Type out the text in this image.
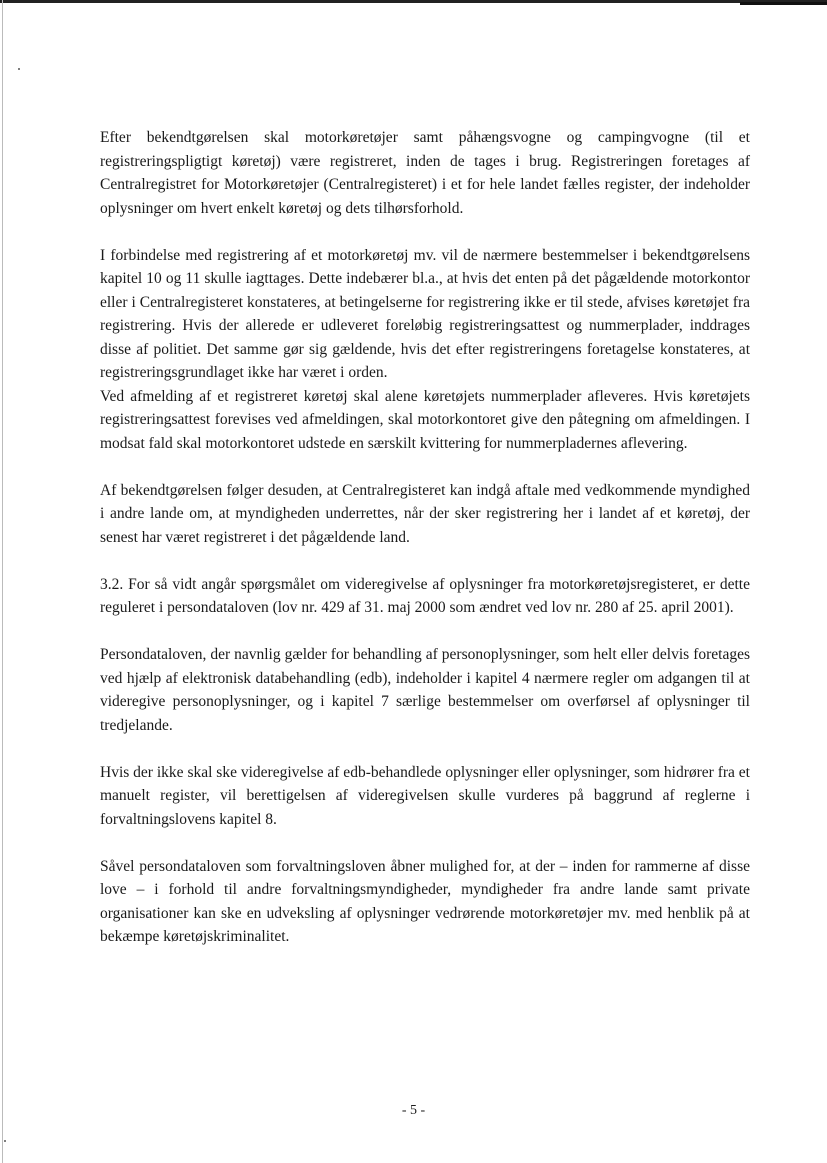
Efter bekendtgørelsen skal motorkøretøjer samt påhængsvogne og campingvogne (til et registreringspligtigt køretøj) være registreret, inden de tages i brug. Registreringen foretages af Centralregistret for Motorkøretøjer (Centralregisteret) i et for hele landet fælles register, der indeholder oplysninger om hvert enkelt køretøj og dets tilhørsforhold.

I forbindelse med registrering af et motorkøretøj mv. vil de nærmere bestemmelser i bekendtgørelsens kapitel 10 og 11 skulle iagttages. Dette indebærer bl.a., at hvis det enten på det pågældende motorkontor eller i Centralregisteret konstateres, at betingelserne for registrering ikke er til stede, afvises køretøjet fra registrering. Hvis der allerede er udleveret foreløbig registreringsattest og nummerplader, inddrages disse af politiet. Det samme gør sig gældende, hvis det efter registreringens foretagelse konstateres, at registreringsgrundlaget ikke har været i orden.

Ved afmelding af et registreret køretøj skal alene køretøjets nummerplader afleveres. Hvis køretøjets registreringsattest forevises ved afmeldingen, skal motorkontoret give den påtegning om afmeldingen. I modsat fald skal motorkontoret udstede en særskilt kvittering for nummerpladernes aflevering.

Af bekendtgørelsen følger desuden, at Centralregisteret kan indgå aftale med vedkommende myndighed i andre lande om, at myndigheden underrettes, når der sker registrering her i landet af et køretøj, der senest har været registreret i det pågældende land.

3.2. For så vidt angår spørgsmålet om videregivelse af oplysninger fra motorkøretøjsregisteret, er dette reguleret i persondataloven (lov nr. 429 af 31. maj 2000 som ændret ved lov nr. 280 af 25. april 2001).

Persondataloven, der navnlig gælder for behandling af personoplysninger, som helt eller delvis foretages ved hjælp af elektronisk databehandling (edb), indeholder i kapitel 4 nærmere regler om adgangen til at videregive personoplysninger, og i kapitel 7 særlige bestemmelser om overførsel af oplysninger til tredjelande.

Hvis der ikke skal ske videregivelse af edb-behandlede oplysninger eller oplysninger, som hidrører fra et manuelt register, vil berettigelsen af videregivelsen skulle vurderes på baggrund af reglerne i forvaltningslovens kapitel 8.

Såvel persondataloven som forvaltningsloven åbner mulighed for, at der – inden for rammerne af disse love – i forhold til andre forvaltningsmyndigheder, myndigheder fra andre lande samt private organisationer kan ske en udveksling af oplysninger vedrørende motorkøretøjer mv. med henblik på at bekæmpe køretøjskriminalitet.

- 5 -
